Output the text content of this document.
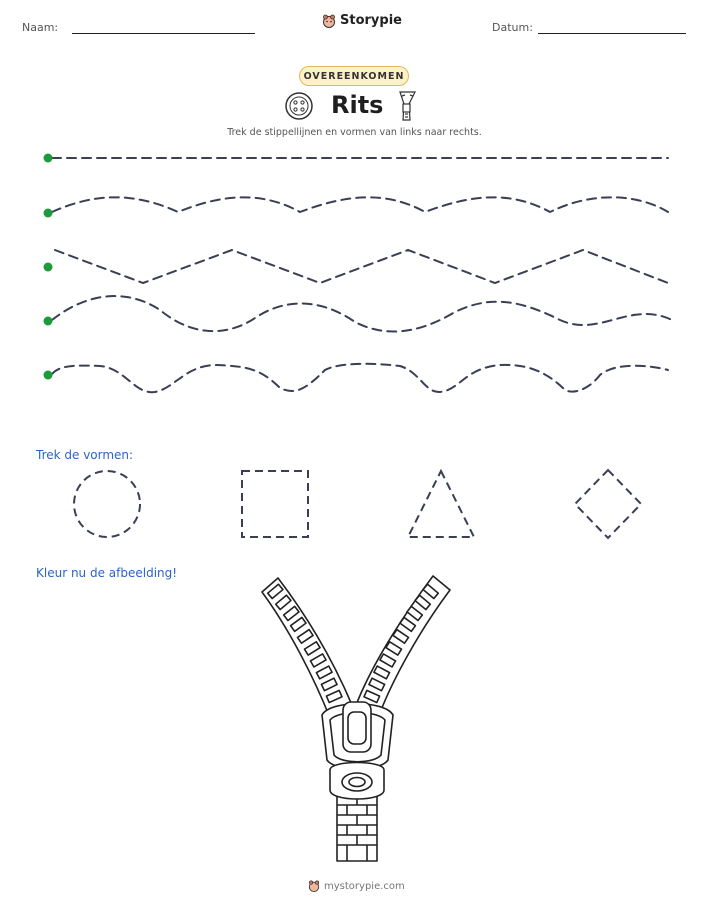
Naam:	Storypie	Datum:
OVEREENKOMEN
Rits
Trek de stippellijnen en vormen van links naar rechts.
Trek de vormen:
Kleur nu de afbeelding!
mystorypie.com
